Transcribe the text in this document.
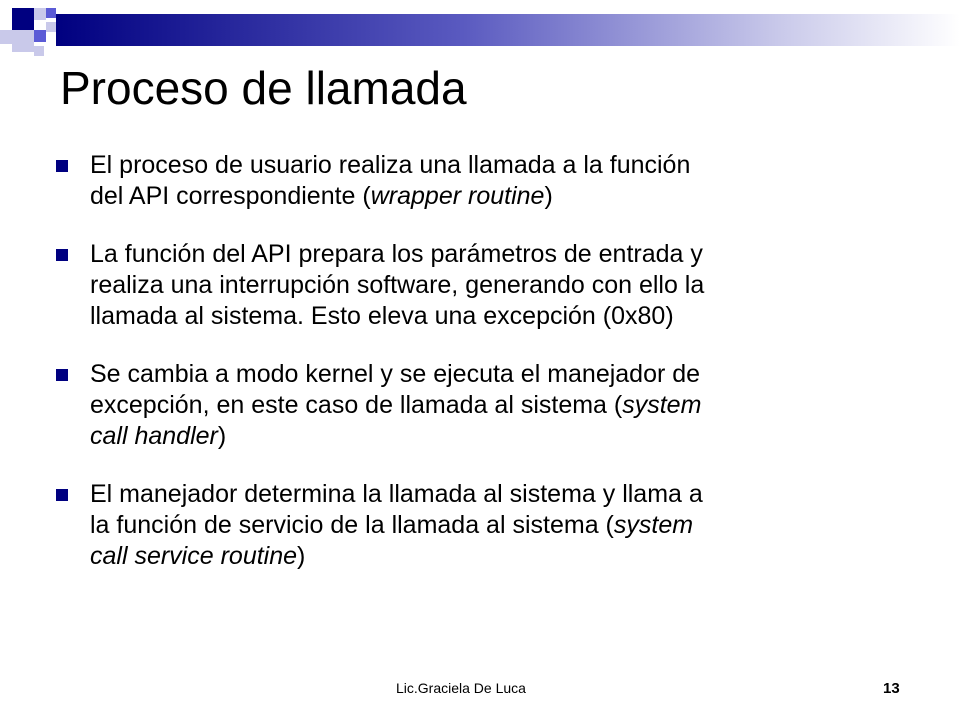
Proceso de llamada
El proceso de usuario realiza una llamada a la función
del API correspondiente (wrapper routine)
La función del API prepara los parámetros de entrada y
realiza una interrupción software, generando con ello la
llamada al sistema. Esto eleva una excepción (0x80)
Se cambia a modo kernel y se ejecuta el manejador de
excepción, en este caso de llamada al sistema (system
call handler)
El manejador determina la llamada al sistema y llama a
la función de servicio de la llamada al sistema (system
call service routine)
Lic.Graciela De Luca	13
